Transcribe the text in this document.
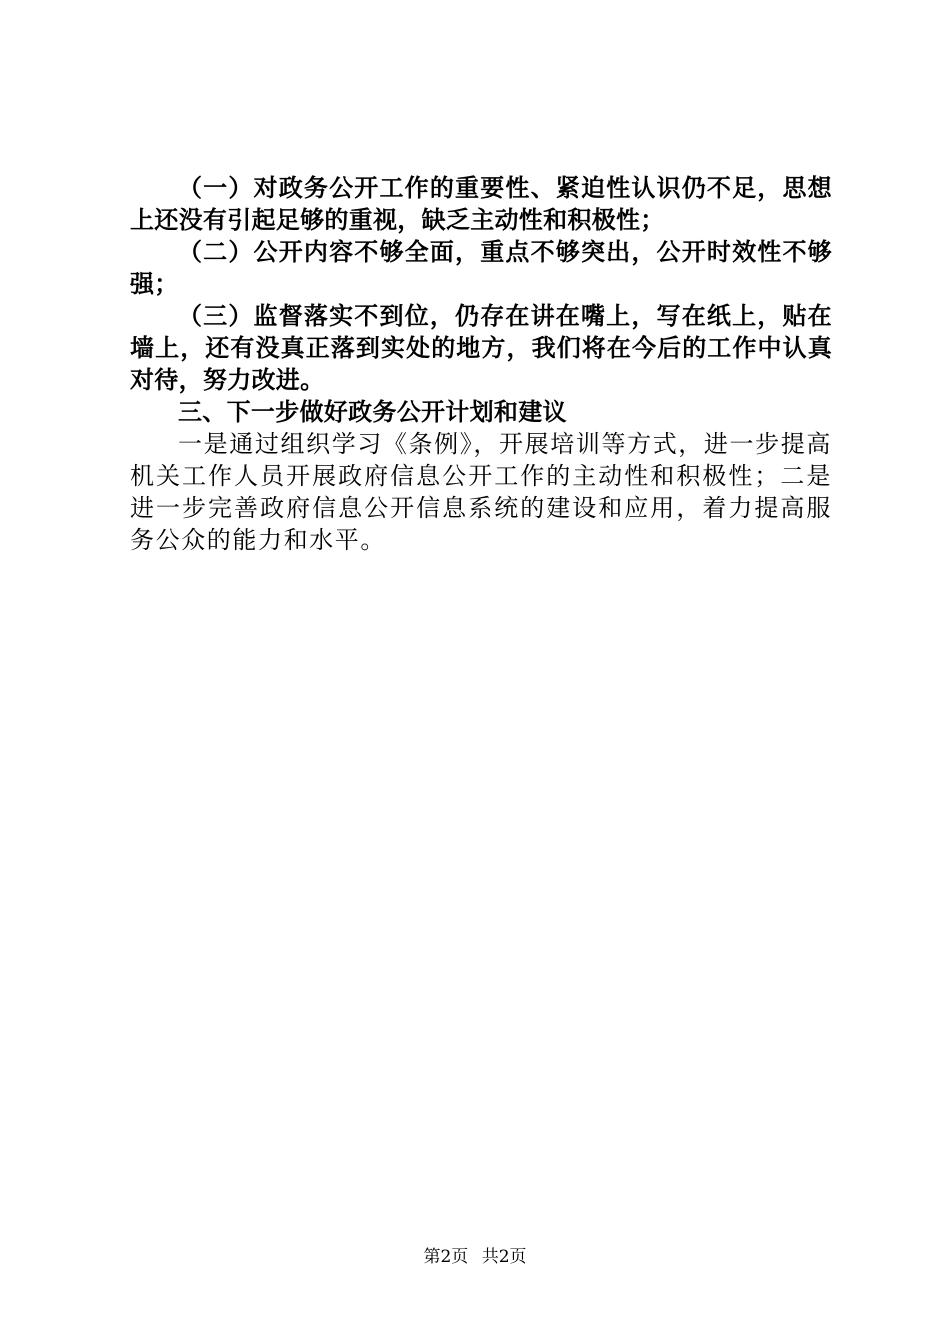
（一）对政务公开工作的重要性、紧迫性认识仍不足，思想上还没有引起足够的重视，缺乏主动性和积极性；

（二）公开内容不够全面，重点不够突出，公开时效性不够强；

（三）监督落实不到位，仍存在讲在嘴上，写在纸上，贴在墙上，还有没真正落到实处的地方，我们将在今后的工作中认真对待，努力改进。

三、下一步做好政务公开计划和建议

一是通过组织学习《条例》，开展培训等方式，进一步提高机关工作人员开展政府信息公开工作的主动性和积极性；二是进一步完善政府信息公开信息系统的建设和应用，着力提高服务公众的能力和水平。

第2页 共2页
